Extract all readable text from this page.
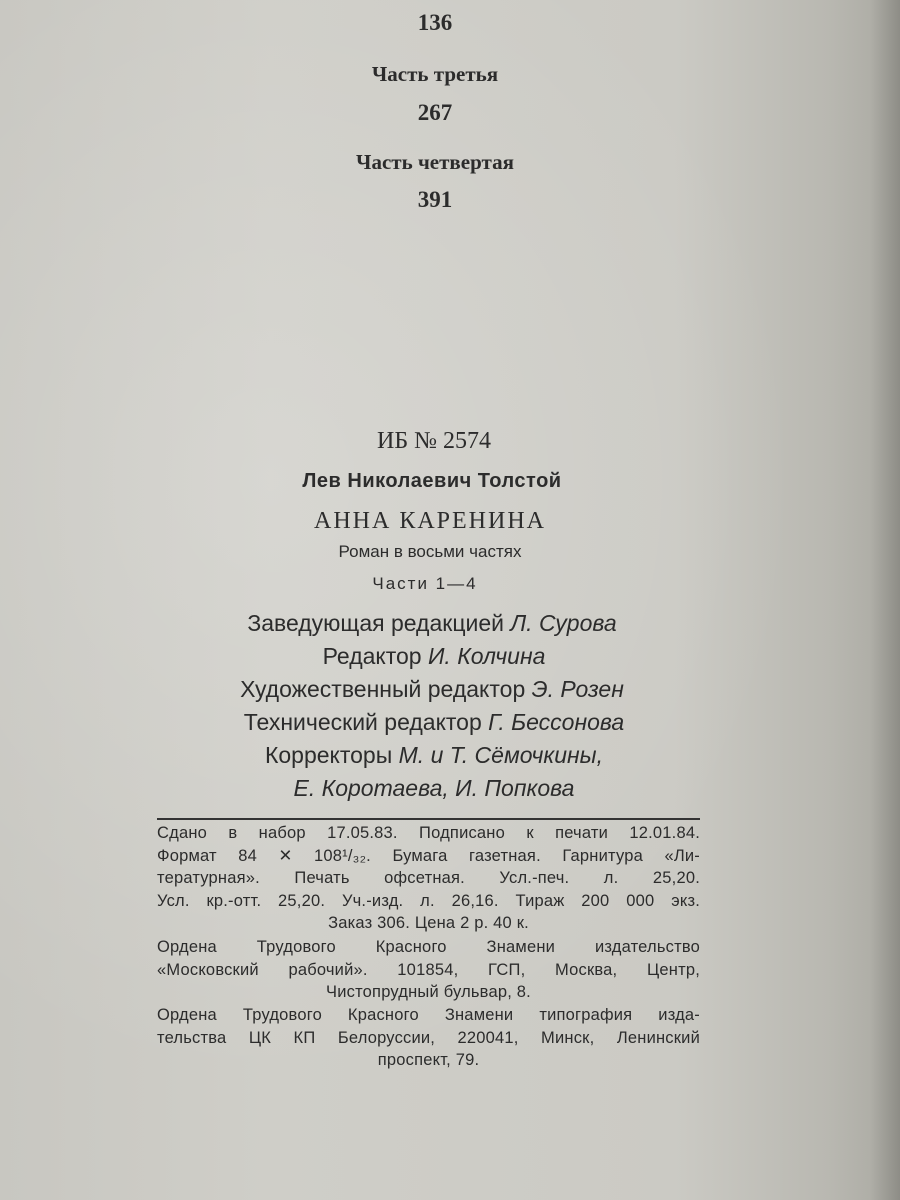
136
Часть третья
267
Часть четвертая
391
ИБ № 2574
Лев Николаевич Толстой
АННА КАРЕНИНА
Роман в восьми частях
Части 1—4
Заведующая редакцией Л. Сурова
Редактор И. Колчина
Художественный редактор Э. Розен
Технический редактор Г. Бессонова
Корректоры М. и Т. Сёмочкины,
Е. Коротаева, И. Попкова
Сдано в набор 17.05.83. Подписано к печати 12.01.84.
Формат 84 ✕ 108¹/₃₂. Бумага газетная. Гарнитура «Ли-
тературная». Печать офсетная. Усл.-печ. л. 25,20.
Усл. кр.-отт. 25,20. Уч.-изд. л. 26,16. Тираж 200 000 экз.
Заказ 306. Цена 2 р. 40 к.
Ордена Трудового Красного Знамени издательство
«Московский рабочий». 101854, ГСП, Москва, Центр,
Чистопрудный бульвар, 8.
Ордена Трудового Красного Знамени типография изда-
тельства ЦК КП Белоруссии, 220041, Минск, Ленинский
проспект, 79.
